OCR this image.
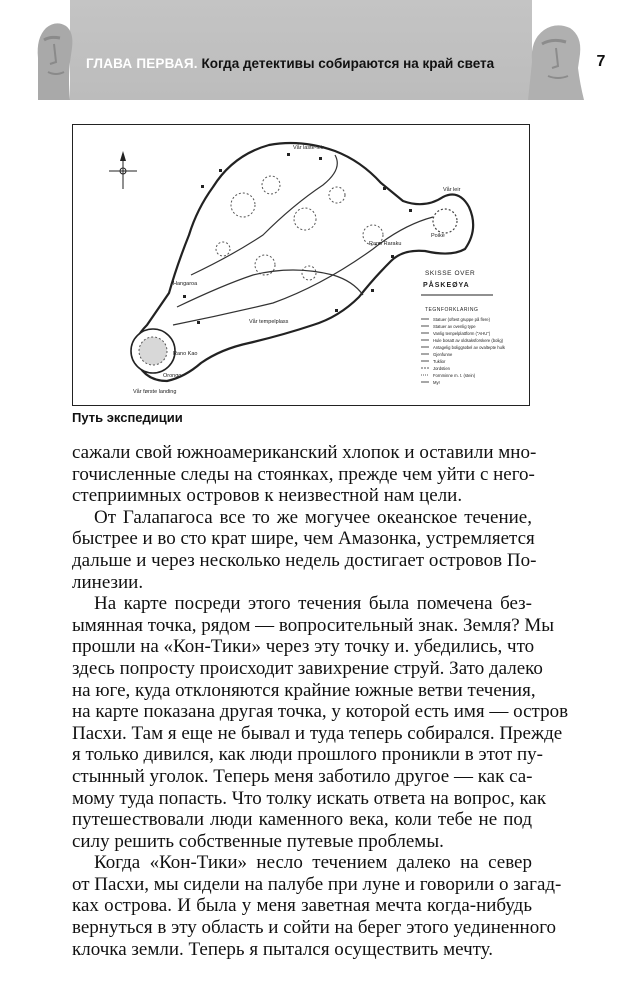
ГЛАВА ПЕРВАЯ. Когда детективы собираются на край света	7
Vår første landing
Vår laste-leir
Vår tempelplass
Rano Kao
Orongo
Rano Raraku
Hangaroa
Vår leir
Poike
SKISSE OVER
PÅSKEØYA
TEGNFORKLARING
Statuer (oftest gruppe på flere)
Statuer av ovenlig type
Vanlig tempelplattform ("AHU")
Hule bosatt av oldsaksforskere (bolig)
Antagelig boliggrøbel av ovaltepte hulk
Gjenfunne
Tuklior
Jordstien
Fornminne m. t. (stein)
Myr
Путь экспедиции
сажали свой южноамериканский хлопок и оставили мно-
гочисленные следы на стоянках, прежде чем уйти с него-
степриимных островов к неизвестной нам цели.
От Галапагоса все то же могучее океанское течение,
быстрее и во сто крат шире, чем Амазонка, устремляется
дальше и через несколько недель достигает островов По-
линезии.
На карте посреди этого течения была помечена без-
ымянная точка, рядом — вопросительный знак. Земля? Мы
прошли на «Кон-Тики» через эту точку и. убедились, что
здесь попросту происходит завихрение струй. Зато далеко
на юге, куда отклоняются крайние южные ветви течения,
на карте показана другая точка, у которой есть имя — остров
Пасхи. Там я еще не бывал и туда теперь собирался. Прежде
я только дивился, как люди прошлого проникли в этот пу-
стынный уголок. Теперь меня заботило другое — как са-
мому туда попасть. Что толку искать ответа на вопрос, как
путешествовали люди каменного века, коли тебе не под
силу решить собственные путевые проблемы.
Когда «Кон-Тики» несло течением далеко на север
от Пасхи, мы сидели на палубе при луне и говорили о загад-
ках острова. И была у меня заветная мечта когда-нибудь
вернуться в эту область и сойти на берег этого уединенного
клочка земли. Теперь я пытался осуществить мечту.
